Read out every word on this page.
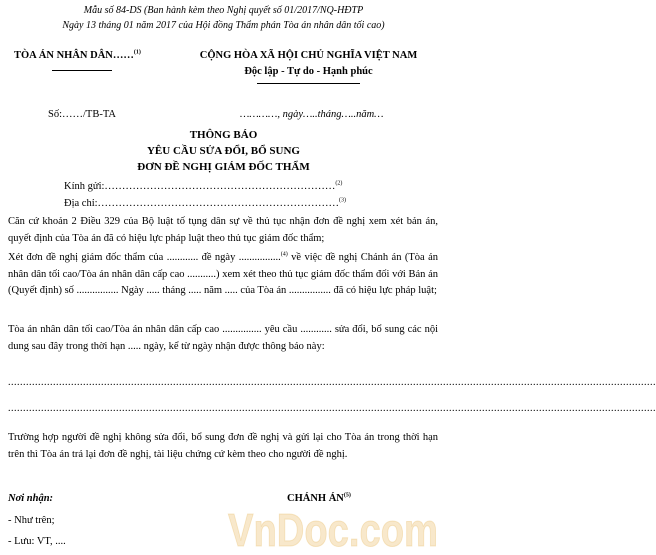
Mẫu số 84-DS (Ban hành kèm theo Nghị quyết số 01/2017/NQ-HĐTP
Ngày 13 tháng 01 năm 2017 của Hội đồng Thẩm phán Tòa án nhân dân tối cao)
TÒA ÁN NHÂN DÂN……$^{(1)}$	CỘNG HÒA XÃ HỘI CHỦ NGHĨA VIỆT NAM
Độc lập - Tự do - Hạnh phúc
Số:……/TB-TA	…………, ngày…..tháng…..năm…
THÔNG BÁO
YÊU CẦU SỬA ĐỔI, BỔ SUNG
ĐƠN ĐỀ NGHỊ GIÁM ĐỐC THẨM
Kính gửi:…………………………………………………………$^{(2)}$
Địa chỉ:……………………………………………………………$^{(3)}$
Căn cứ khoản 2 Điều 329 của Bộ luật tố tụng dân sự về thủ tục nhận đơn đề nghị xem xét bản án, quyết định của Tòa án đã có hiệu lực pháp luật theo thủ tục giám đốc thẩm;
Xét đơn đề nghị giám đốc thẩm của ............ đề ngày ................$^{(4)}$ về việc đề nghị Chánh án (Tòa án nhân dân tối cao/Tòa án nhân dân cấp cao ...........) xem xét theo thủ tục giám đốc thẩm đối với Bản án (Quyết định) số ................ Ngày ..... tháng ..... năm ..... của Tòa án ................ đã có hiệu lực pháp luật;
Tòa án nhân dân tối cao/Tòa án nhân dân cấp cao ............... yêu cầu ............ sửa đổi, bổ sung các nội dung sau đây trong thời hạn ..... ngày, kể từ ngày nhận được thông báo này:
........................................................................................................................................................................................................................
........................................................................................................................................................................................................................
Trường hợp người đề nghị không sửa đổi, bổ sung đơn đề nghị và gửi lại cho Tòa án trong thời hạn trên thì Tòa án trả lại đơn đề nghị, tài liệu chứng cứ kèm theo cho người đề nghị.
Nơi nhận:
- Như trên;
- Lưu: VT, ....
CHÁNH ÁN$^{(5)}$
VnDoc.com
